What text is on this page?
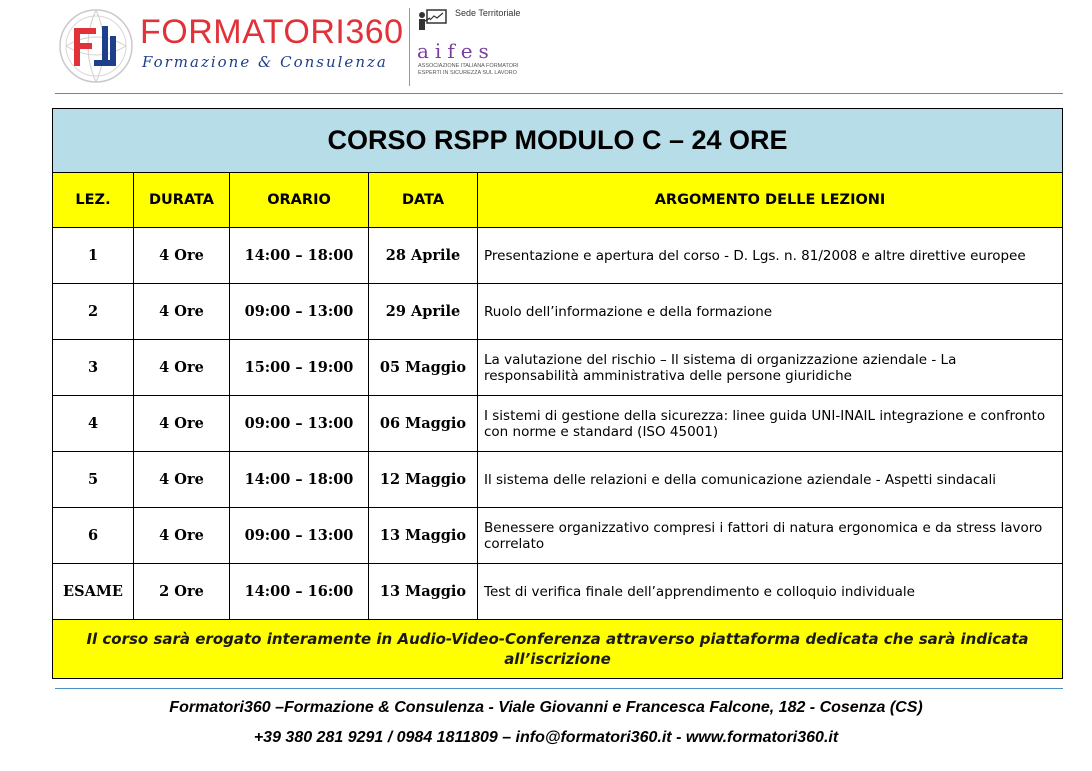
FORMATORI360
Formazione & Consulenza
Sede Territoriale
aifes
ASSOCIAZIONE ITALIANA FORMATORI ESPERTI IN SICUREZZA SUL LAVORO
CORSO RSPP MODULO C – 24 ORE				
LEZ.	DURATA	ORARIO	DATA	ARGOMENTO DELLE LEZIONI
1	4 Ore	14:00 – 18:00	28 Aprile	Presentazione e apertura del corso - D. Lgs. n. 81/2008 e altre direttive europee
2	4 Ore	09:00 – 13:00	29 Aprile	Ruolo dell’informazione e della formazione
3	4 Ore	15:00 – 19:00	05 Maggio	La valutazione del rischio – Il sistema di organizzazione aziendale - La responsabilità amministrativa delle persone giuridiche
4	4 Ore	09:00 – 13:00	06 Maggio	I sistemi di gestione della sicurezza: linee guida UNI-INAIL integrazione e confronto con norme e standard (ISO 45001)
5	4 Ore	14:00 – 18:00	12 Maggio	Il sistema delle relazioni e della comunicazione aziendale - Aspetti sindacali
6	4 Ore	09:00 – 13:00	13 Maggio	Benessere organizzativo compresi i fattori di natura ergonomica e da stress lavoro correlato
ESAME	2 Ore	14:00 – 16:00	13 Maggio	Test di verifica finale dell’apprendimento e colloquio individuale
Il corso sarà erogato interamente in Audio-Video-Conferenza attraverso piattaforma dedicata che sarà indicata all’iscrizione				
Formatori360 –Formazione & Consulenza - Viale Giovanni e Francesca Falcone, 182 - Cosenza (CS)
+39 380 281 9291 / 0984 1811809 – info@formatori360.it - www.formatori360.it
